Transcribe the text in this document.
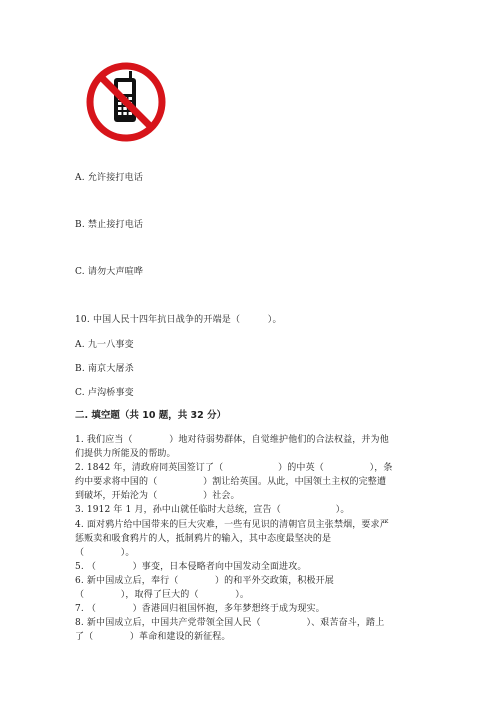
A. 允许接打电话
B. 禁止接打电话
C. 请勿大声喧哗
10. 中国人民十四年抗日战争的开端是（　　　）。
A. 九一八事变
B. 南京大屠杀
C. 卢沟桥事变
二. 填空题（共 10 题，共 32 分）
1. 我们应当（　　　　）地对待弱势群体，自觉维护他们的合法权益，并为他
们提供力所能及的帮助。
2. 1842 年，清政府同英国签订了（　　　　　　）的中英（　　　　　），条
约中要求将中国的（　　　　　）割让给英国。从此，中国领土主权的完整遭
到破坏，开始沦为（　　　　　）社会。
3. 1912 年 1 月，孙中山就任临时大总统，宣告（　　　　　　）。
4. 面对鸦片给中国带来的巨大灾难，一些有见识的清朝官员主张禁烟，要求严
惩贩卖和吸食鸦片的人，抵制鸦片的输入，其中态度最坚决的是
（　　　　）。
5. （　　　　）事变，日本侵略者向中国发动全面进攻。
6. 新中国成立后，奉行（　　　　）的和平外交政策，积极开展
（　　　　），取得了巨大的（　　　　）。
7. （　　　　）香港回归祖国怀抱，多年梦想终于成为现实。
8. 新中国成立后，中国共产党带领全国人民（　　　　　）、艰苦奋斗，踏上
了（　　　　）革命和建设的新征程。
